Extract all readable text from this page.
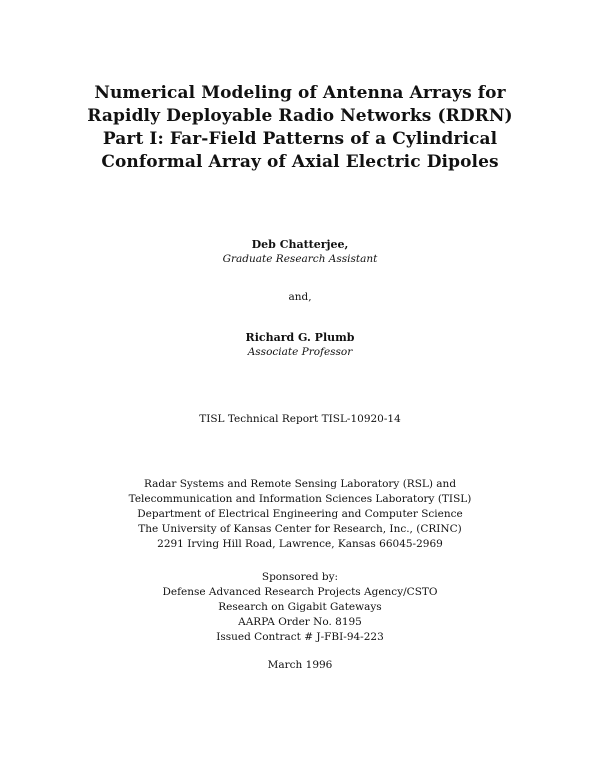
Numerical Modeling of Antenna Arrays for
Rapidly Deployable Radio Networks (RDRN)
Part I: Far-Field Patterns of a Cylindrical
Conformal Array of Axial Electric Dipoles
Deb Chatterjee,
Graduate Research Assistant
and,
Richard G. Plumb
Associate Professor
TISL Technical Report TISL-10920-14
Radar Systems and Remote Sensing Laboratory (RSL) and
Telecommunication and Information Sciences Laboratory (TISL)
Department of Electrical Engineering and Computer Science
The University of Kansas Center for Research, Inc., (CRINC)
2291 Irving Hill Road, Lawrence, Kansas 66045-2969
Sponsored by:
Defense Advanced Research Projects Agency/CSTO
Research on Gigabit Gateways
AARPA Order No. 8195
Issued Contract # J-FBI-94-223
March 1996
